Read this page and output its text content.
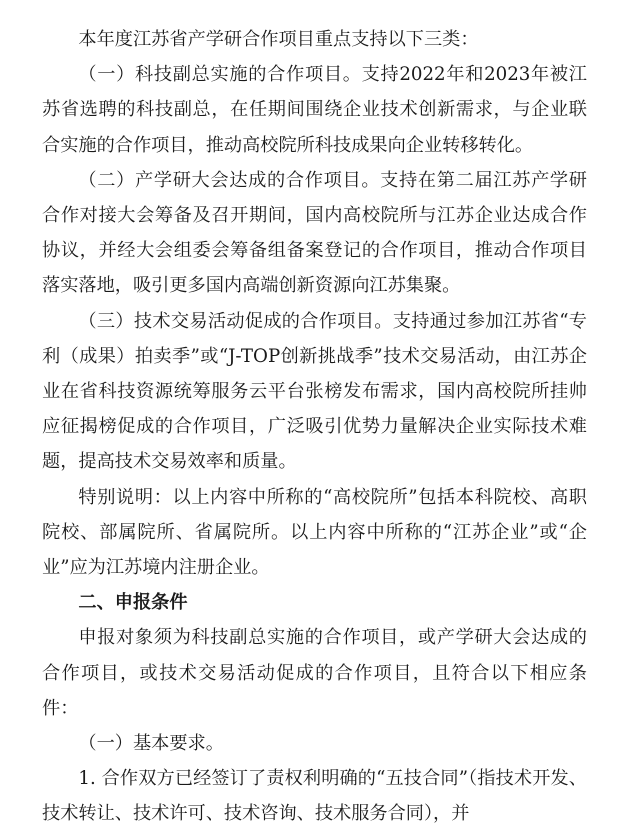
本年度江苏省产学研合作项目重点支持以下三类：

（一）科技副总实施的合作项目。支持2022年和2023年被江苏省选聘的科技副总，在任期间围绕企业技术创新需求，与企业联合实施的合作项目，推动高校院所科技成果向企业转移转化。

（二）产学研大会达成的合作项目。支持在第二届江苏产学研合作对接大会筹备及召开期间，国内高校院所与江苏企业达成合作协议，并经大会组委会筹备组备案登记的合作项目，推动合作项目落实落地，吸引更多国内高端创新资源向江苏集聚。

（三）技术交易活动促成的合作项目。支持通过参加江苏省“专利（成果）拍卖季”或“J-TOP创新挑战季”技术交易活动，由江苏企业在省科技资源统筹服务云平台张榜发布需求，国内高校院所挂帅应征揭榜促成的合作项目，广泛吸引优势力量解决企业实际技术难题，提高技术交易效率和质量。

特别说明：以上内容中所称的“高校院所”包括本科院校、高职院校、部属院所、省属院所。以上内容中所称的“江苏企业”或“企业”应为江苏境内注册企业。

二、申报条件

申报对象须为科技副总实施的合作项目，或产学研大会达成的合作项目，或技术交易活动促成的合作项目，且符合以下相应条件：

（一）基本要求。

1. 合作双方已经签订了责权利明确的“五技合同”（指技术开发、技术转让、技术许可、技术咨询、技术服务合同），并
